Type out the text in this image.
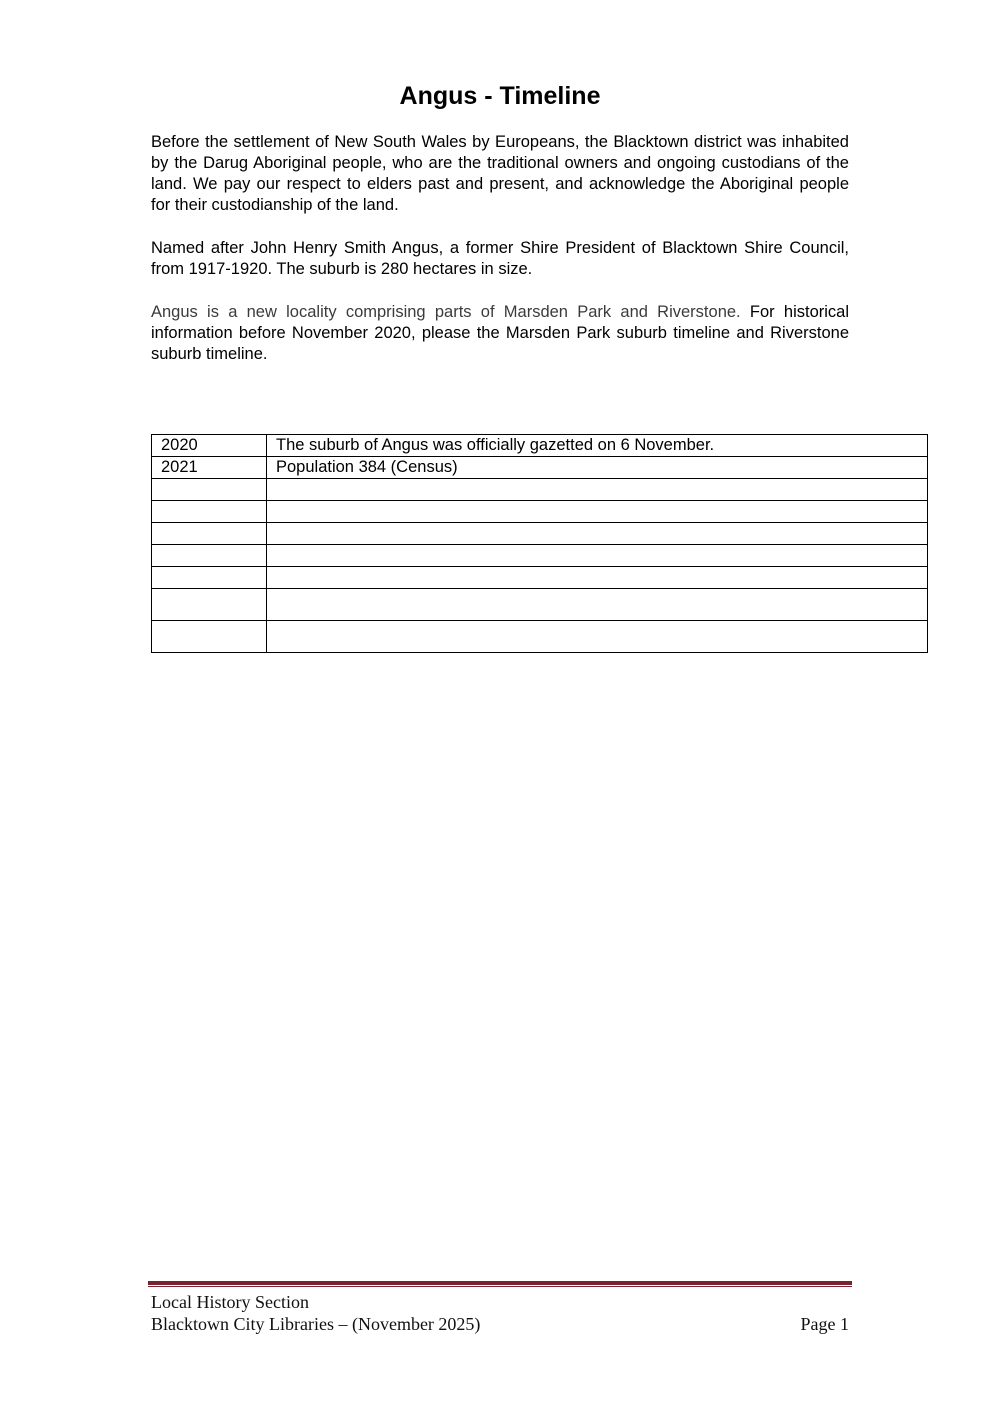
Angus - Timeline

Before the settlement of New South Wales by Europeans, the Blacktown district was inhabited by the Darug Aboriginal people, who are the traditional owners and ongoing custodians of the land. We pay our respect to elders past and present, and acknowledge the Aboriginal people for their custodianship of the land.

Named after John Henry Smith Angus, a former Shire President of Blacktown Shire Council, from 1917-1920. The suburb is 280 hectares in size.

Angus is a new locality comprising parts of Marsden Park and Riverstone. For historical information before November 2020, please the Marsden Park suburb timeline and Riverstone suburb timeline.

2020	The suburb of Angus was officially gazetted on 6 November.
2021	Population 384 (Census)

Local History Section
Blacktown City Libraries – (November 2025)	Page 1
